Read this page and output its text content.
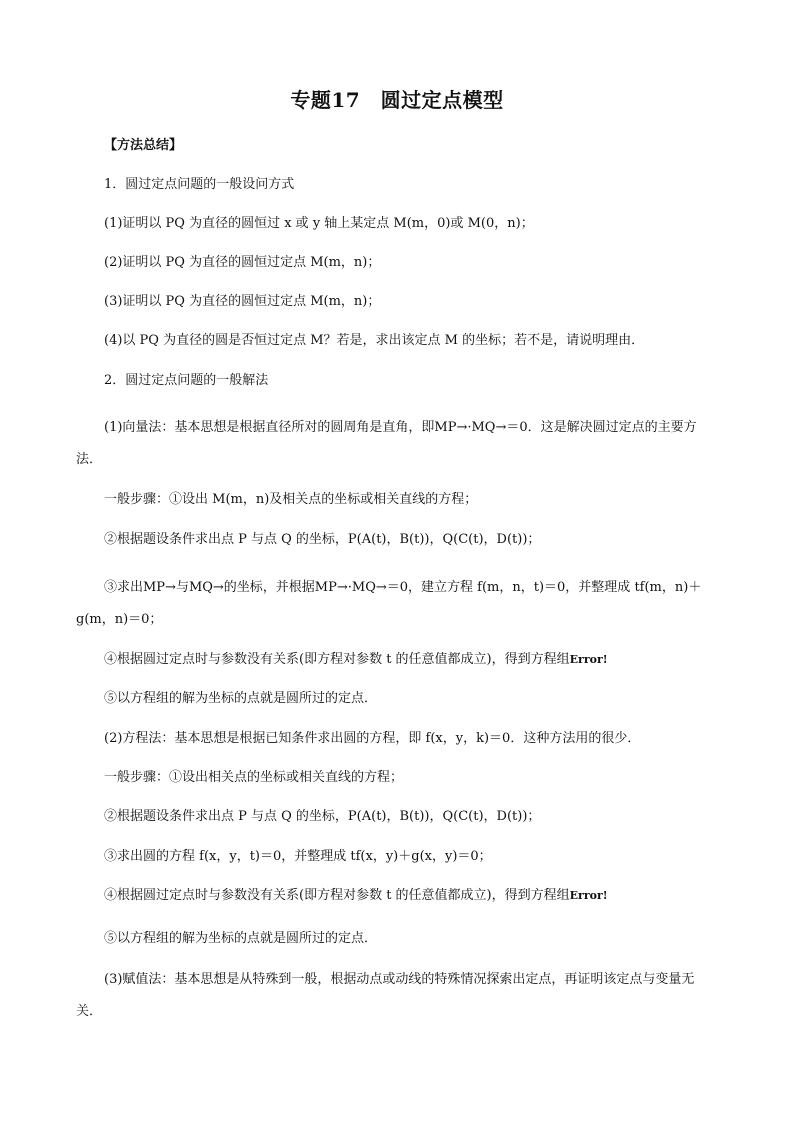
专题17　圆过定点模型
【方法总结】
1．圆过定点问题的一般设问方式
(1)证明以 PQ 为直径的圆恒过 x 或 y 轴上某定点 M(m，0)或 M(0，n)；
(2)证明以 PQ 为直径的圆恒过定点 M(m，n)；
(3)证明以 PQ 为直径的圆恒过定点 M(m，n)；
(4)以 PQ 为直径的圆是否恒过定点 M？若是，求出该定点 M 的坐标；若不是，请说明理由．
2．圆过定点问题的一般解法
(1)向量法：基本思想是根据直径所对的圆周角是直角，即MP→·MQ→＝0．这是解决圆过定点的主要方法．
一般步骤：①设出 M(m，n)及相关点的坐标或相关直线的方程；
②根据题设条件求出点 P 与点 Q 的坐标，P(A(t)，B(t))，Q(C(t)，D(t))；
③求出MP→与MQ→的坐标，并根据MP→·MQ→＝0，建立方程 f(m，n，t)＝0，并整理成 tf(m，n)＋g(m，n)＝0；
④根据圆过定点时与参数没有关系(即方程对参数 t 的任意值都成立)，得到方程组Error!
⑤以方程组的解为坐标的点就是圆所过的定点．
(2)方程法：基本思想是根据已知条件求出圆的方程，即 f(x，y，k)＝0．这种方法用的很少．
一般步骤：①设出相关点的坐标或相关直线的方程；
②根据题设条件求出点 P 与点 Q 的坐标，P(A(t)，B(t))，Q(C(t)，D(t))；
③求出圆的方程 f(x，y，t)＝0，并整理成 tf(x，y)＋g(x，y)＝0；
④根据圆过定点时与参数没有关系(即方程对参数 t 的任意值都成立)，得到方程组Error!
⑤以方程组的解为坐标的点就是圆所过的定点．
(3)赋值法：基本思想是从特殊到一般，根据动点或动线的特殊情况探索出定点，再证明该定点与变量无关．
